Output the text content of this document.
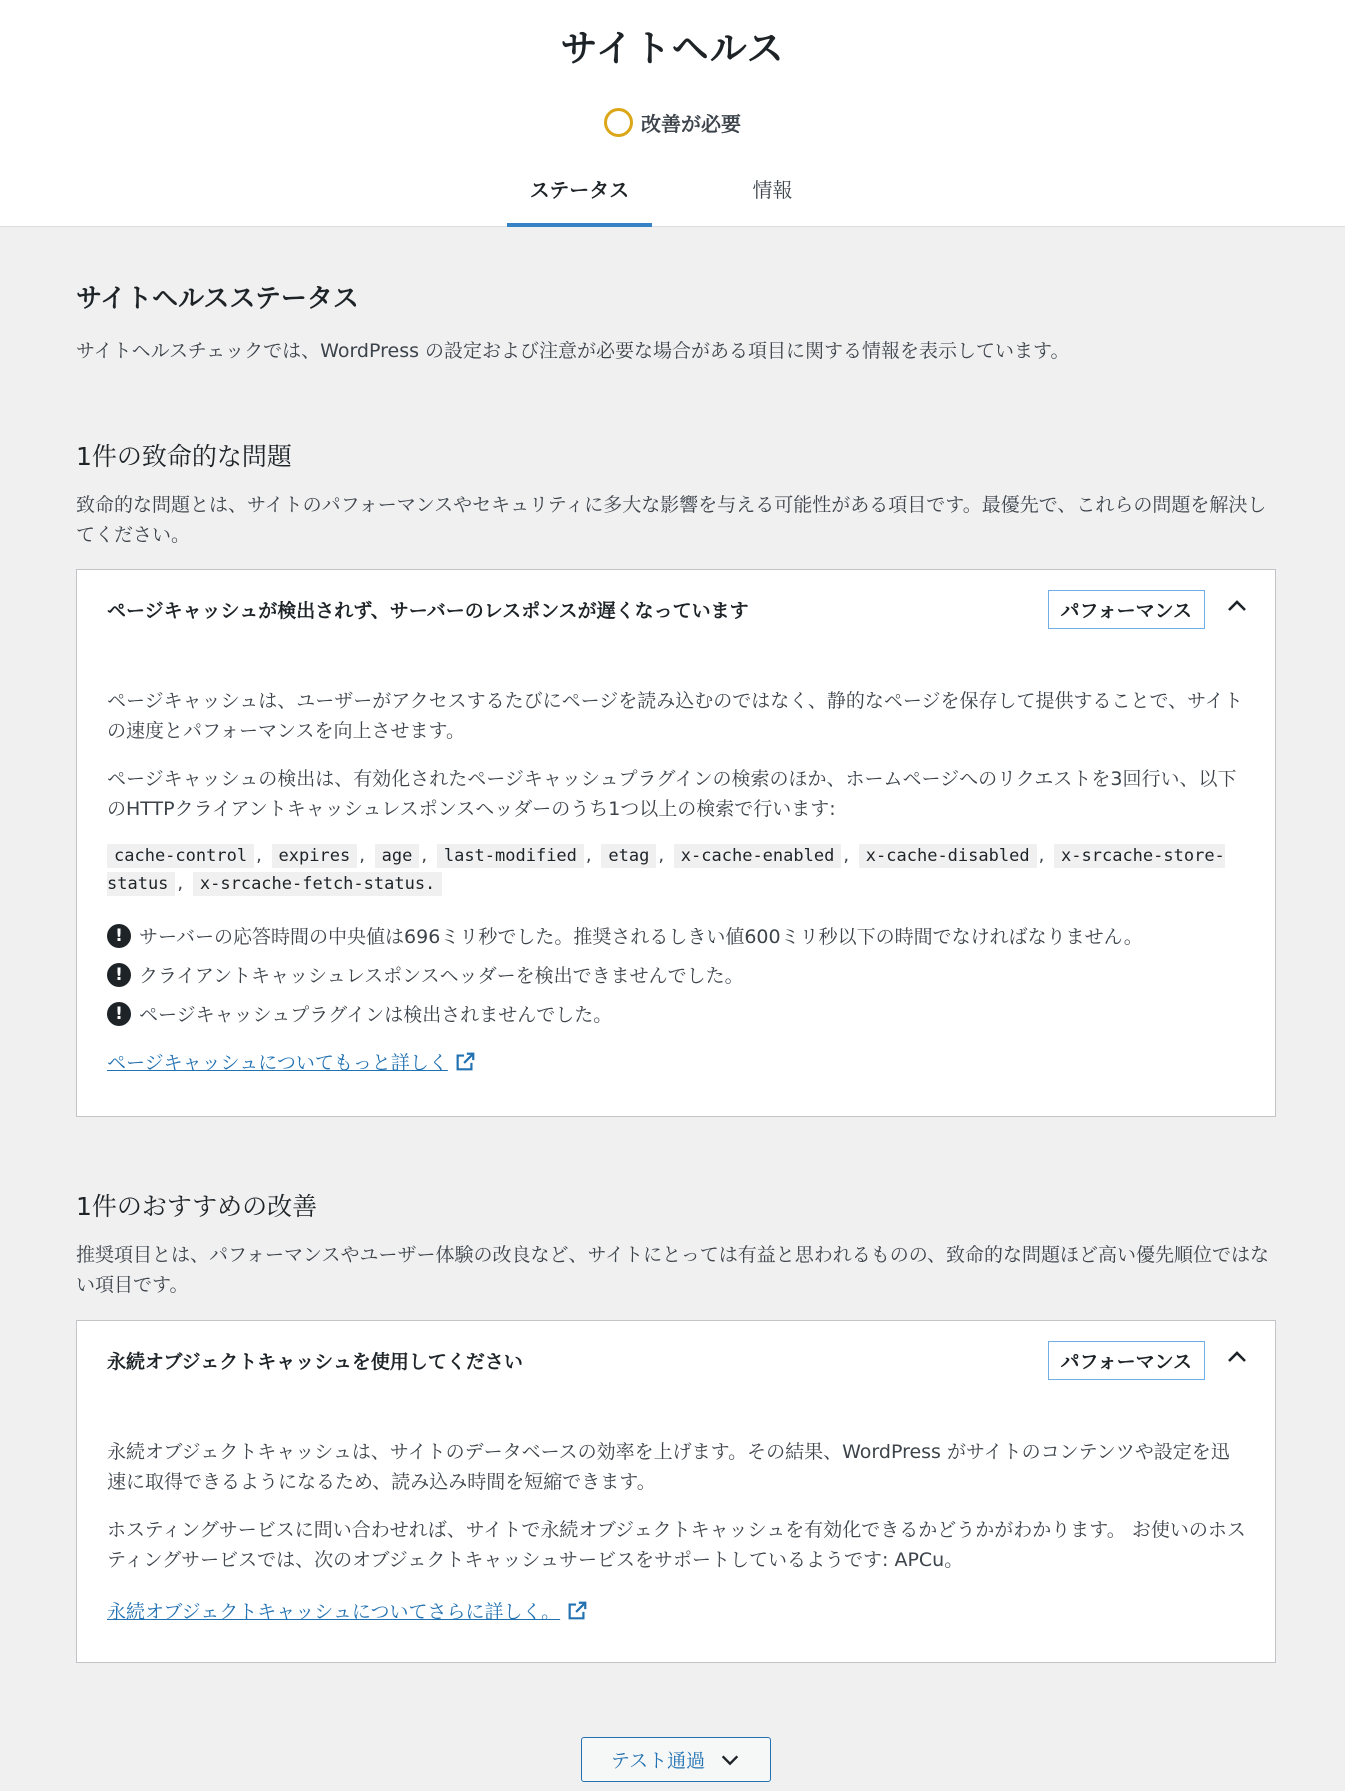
サイトヘルス
改善が必要
ステータス	情報
サイトヘルスステータス
サイトヘルスチェックでは、WordPress の設定および注意が必要な場合がある項目に関する情報を表示しています。
1件の致命的な問題
致命的な問題とは、サイトのパフォーマンスやセキュリティに多大な影響を与える可能性がある項目です。最優先で、これらの問題を解決してください。
ページキャッシュが検出されず、サーバーのレスポンスが遅くなっています	パフォーマンス
ページキャッシュは、ユーザーがアクセスするたびにページを読み込むのではなく、静的なページを保存して提供することで、サイトの速度とパフォーマンスを向上させます。
ページキャッシュの検出は、有効化されたページキャッシュプラグインの検索のほか、ホームページへのリクエストを3回行い、以下のHTTPクライアントキャッシュレスポンスヘッダーのうち1つ以上の検索で行います:
cache-control , expires , age , last-modified , etag , x-cache-enabled , x-cache-disabled , x-srcache-store-status , x-srcache-fetch-status.
! サーバーの応答時間の中央値は696ミリ秒でした。推奨されるしきい値600ミリ秒以下の時間でなければなりません。
! クライアントキャッシュレスポンスヘッダーを検出できませんでした。
! ページキャッシュプラグインは検出されませんでした。
ページキャッシュについてもっと詳しく
1件のおすすめの改善
推奨項目とは、パフォーマンスやユーザー体験の改良など、サイトにとっては有益と思われるものの、致命的な問題ほど高い優先順位ではない項目です。
永続オブジェクトキャッシュを使用してください	パフォーマンス
永続オブジェクトキャッシュは、サイトのデータベースの効率を上げます。その結果、WordPress がサイトのコンテンツや設定を迅速に取得できるようになるため、読み込み時間を短縮できます。
ホスティングサービスに問い合わせれば、サイトで永続オブジェクトキャッシュを有効化できるかどうかがわかります。 お使いのホスティングサービスでは、次のオブジェクトキャッシュサービスをサポートしているようです: APCu。
永続オブジェクトキャッシュについてさらに詳しく。
テスト通過
